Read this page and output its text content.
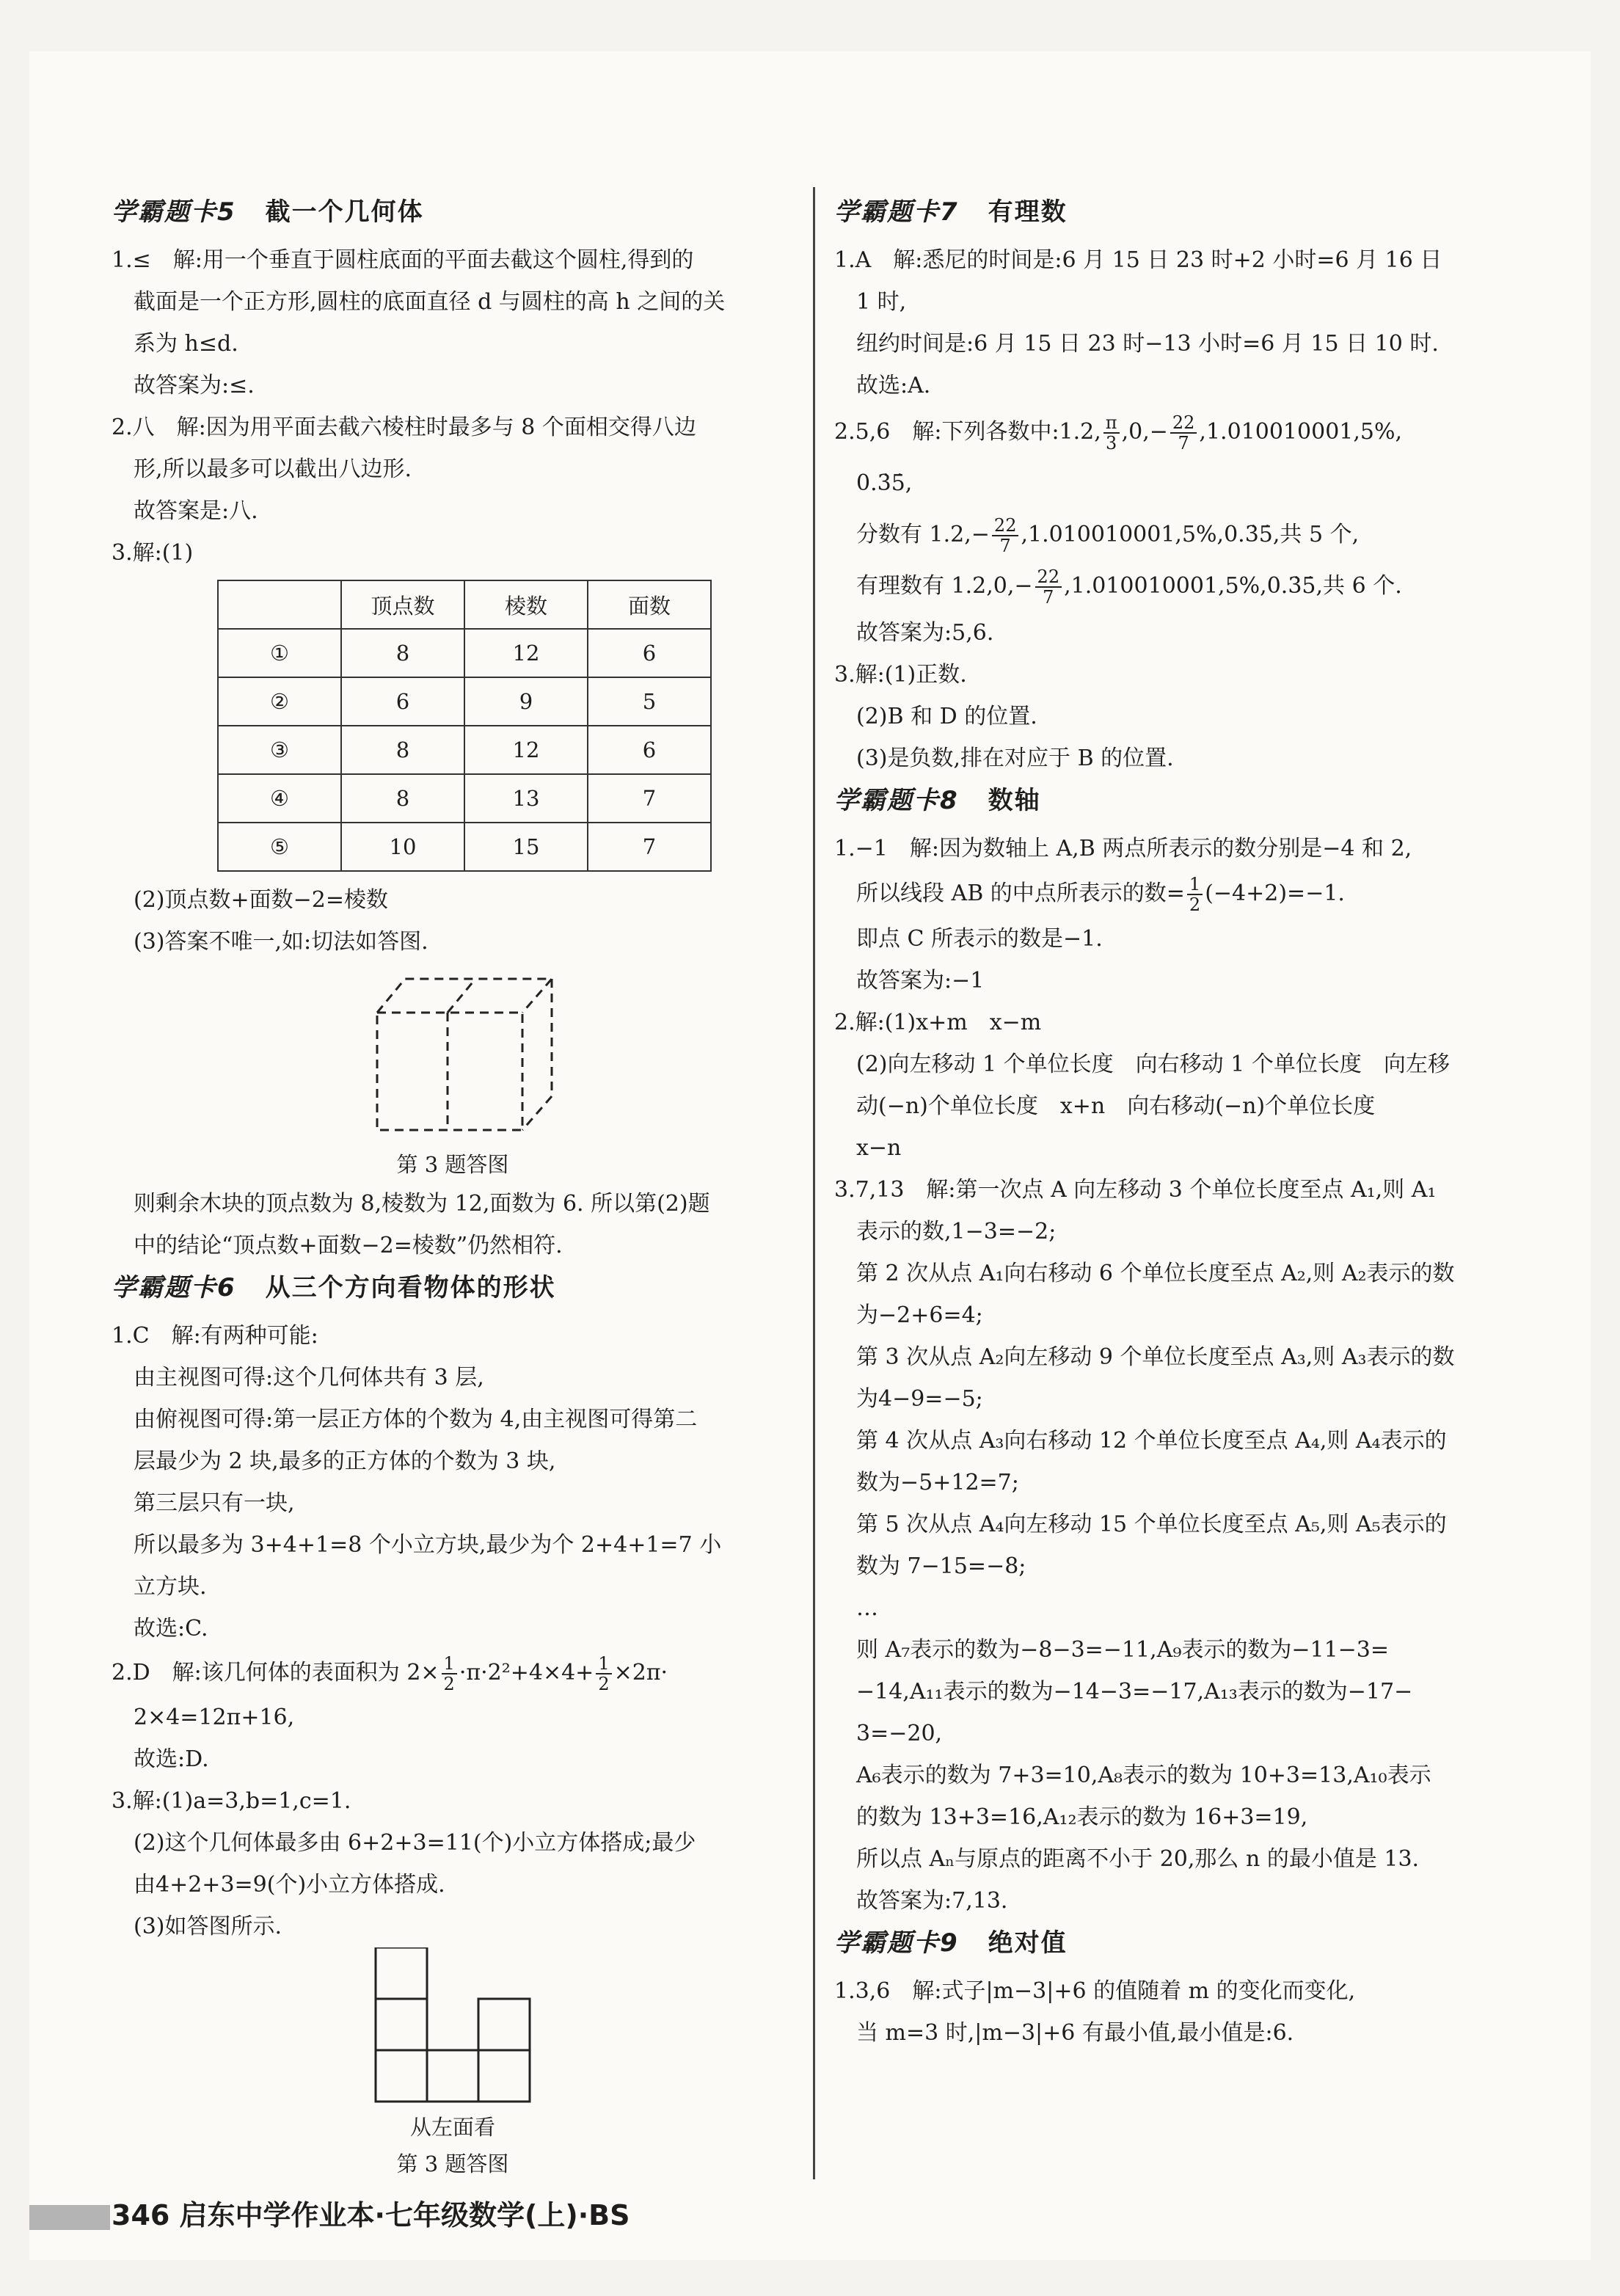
学霸题卡5 截一个几何体
1.≤　解:用一个垂直于圆柱底面的平面去截这个圆柱,得到的
截面是一个正方形,圆柱的底面直径 d 与圆柱的高 h 之间的关
系为 h≤d.
故答案为:≤.
2.八　解:因为用平面去截六棱柱时最多与 8 个面相交得八边
形,所以最多可以截出八边形.
故答案是:八.
3.解:(1)
	顶点数	棱数	面数
①	8	12	6
②	6	9	5
③	8	12	6
④	8	13	7
⑤	10	15	7
(2)顶点数+面数−2=棱数
(3)答案不唯一,如:切法如答图.
第 3 题答图
则剩余木块的顶点数为 8,棱数为 12,面数为 6. 所以第(2)题
中的结论“顶点数+面数−2=棱数”仍然相符.
学霸题卡6 从三个方向看物体的形状
1.C　解:有两种可能:
由主视图可得:这个几何体共有 3 层,
由俯视图可得:第一层正方体的个数为 4,由主视图可得第二
层最少为 2 块,最多的正方体的个数为 3 块,
第三层只有一块,
所以最多为 3+4+1=8 个小立方块,最少为个 2+4+1=7 小
立方块.
故选:C.
2.D　解:该几何体的表面积为 $2\times \frac{1}{2} \cdot\pi\cdot 2^2+4\times 4+ \frac{1}{2} \times 2\pi\cdot$
2×4=12π+16,
故选:D.
3.解:(1)a=3,b=1,c=1.
(2)这个几何体最多由 6+2+3=11(个)小立方体搭成;最少
由4+2+3=9(个)小立方体搭成.
(3)如答图所示.
从左面看
第 3 题答图
学霸题卡7 有理数
1.A　解:悉尼的时间是:6 月 15 日 23 时+2 小时=6 月 16 日
1 时,
纽约时间是:6 月 15 日 23 时−13 小时=6 月 15 日 10 时.
故选:A.
2.5,6　解:下列各数中:1.2, $\frac{\pi}{3} ,0,- \frac{22}{7} ,1.010010001,5\%$,
0.3̇5̇,
分数有 $1.2,- \frac{22}{7}$ ,1.010010001,5%,0.3̇5̇,共 5 个,
有理数有 $1.2,0,- \frac{22}{7}$ ,1.010010001,5%,0.3̇5̇,共 6 个.
故答案为:5,6.
3.解:(1)正数.
(2)B 和 D 的位置.
(3)是负数,排在对应于 B 的位置.
学霸题卡8 数轴
1.−1　解:因为数轴上 A,B 两点所表示的数分别是−4 和 2,
所以线段 AB 的中点所表示的数= $\frac{1}{2} (-4+2)=-1$.
即点 C 所表示的数是−1.
故答案为:−1
2.解:(1)x+m　x−m
(2)向左移动 1 个单位长度　向右移动 1 个单位长度　向左移
动(−n)个单位长度　x+n　向右移动(−n)个单位长度
x−n
3.7,13　解:第一次点 A 向左移动 3 个单位长度至点 A₁,则 A₁
表示的数,1−3=−2;
第 2 次从点 A₁向右移动 6 个单位长度至点 A₂,则 A₂表示的数
为−2+6=4;
第 3 次从点 A₂向左移动 9 个单位长度至点 A₃,则 A₃表示的数
为4−9=−5;
第 4 次从点 A₃向右移动 12 个单位长度至点 A₄,则 A₄表示的
数为−5+12=7;
第 5 次从点 A₄向左移动 15 个单位长度至点 A₅,则 A₅表示的
数为 7−15=−8;
…
则 A₇表示的数为−8−3=−11,A₉表示的数为−11−3=
−14,A₁₁表示的数为−14−3=−17,A₁₃表示的数为−17−
3=−20,
A₆表示的数为 7+3=10,A₈表示的数为 10+3=13,A₁₀表示
的数为 13+3=16,A₁₂表示的数为 16+3=19,
所以点 Aₙ与原点的距离不小于 20,那么 n 的最小值是 13.
故答案为:7,13.
学霸题卡9 绝对值
1.3,6　解:式子|m−3|+6 的值随着 m 的变化而变化,
当 m=3 时,|m−3|+6 有最小值,最小值是:6.
346 启东中学作业本·七年级数学(上)·BS
